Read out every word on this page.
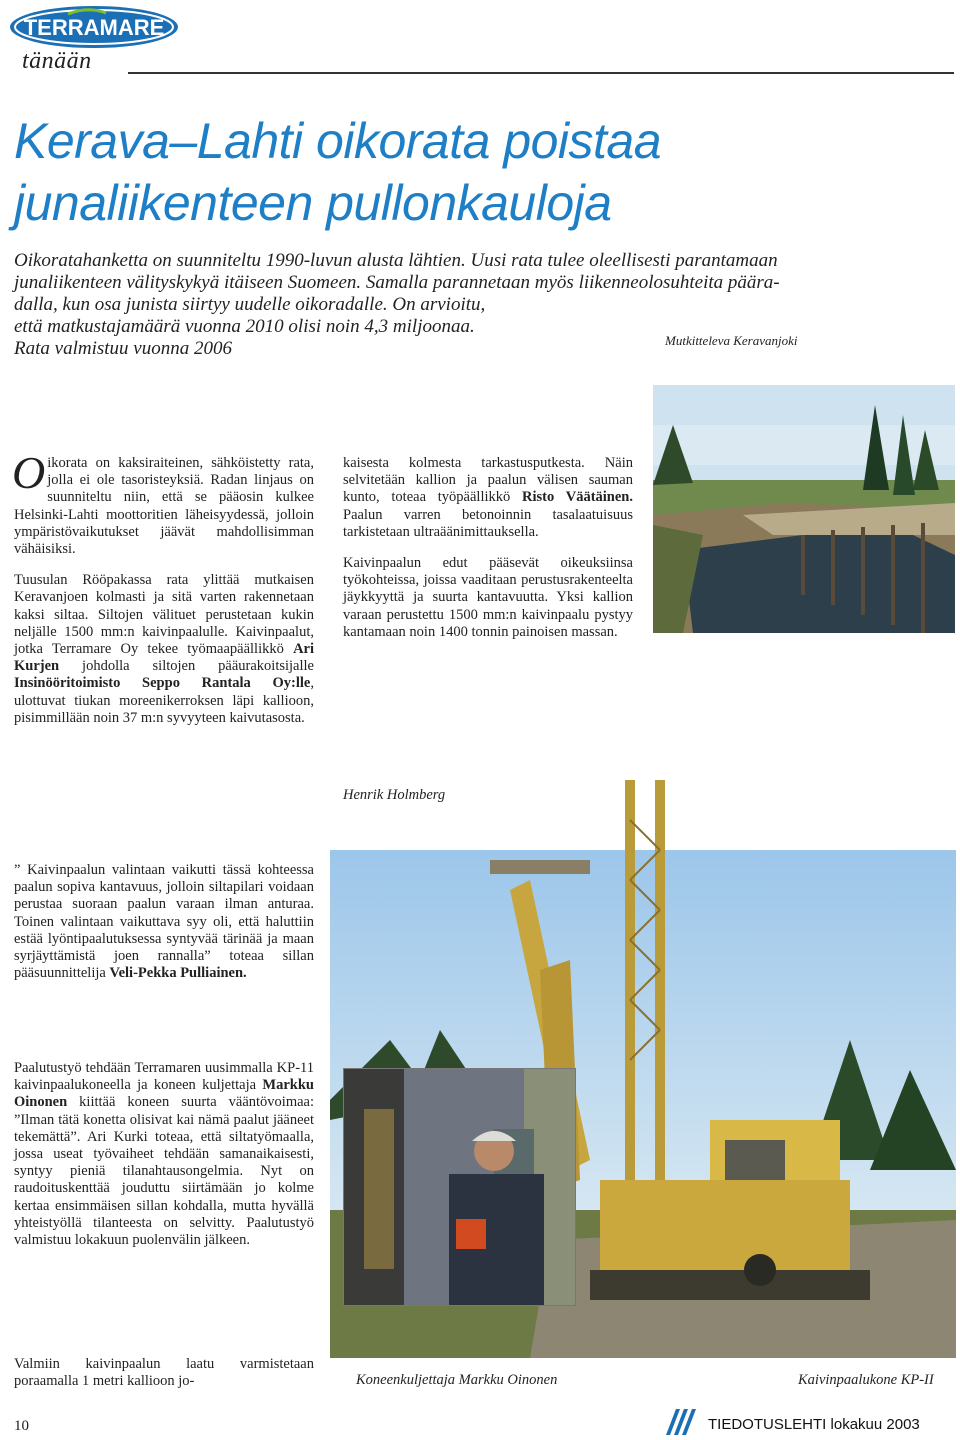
TERRAMARE
tänään
Kerava–Lahti oikorata poistaa
junaliikenteen pullonkauloja
Oikoratahanketta on suunniteltu 1990-luvun alusta lähtien. Uusi rata tulee oleellisesti parantamaan
junaliikenteen välityskykyä itäiseen Suomeen. Samalla parannetaan myös liikenneolosuhteita päära-
dalla, kun osa junista siirtyy uudelle oikoradalle. On arvioitu,
että matkustajamäärä vuonna 2010 olisi noin 4,3 miljoonaa.
Rata valmistuu vuonna 2006	Mutkitteleva Keravanjoki

Oikorata on kaksiraiteinen, sähköistetty rata, jolla ei ole tasoristeyksiä. Radan linjaus on suunniteltu niin, että se pääosin kulkee Helsinki-Lahti moottoritien läheisyydessä, jolloin ympäristövaikutukset jäävät mahdollisimman vähäisiksi.

Tuusulan Rööpakassa rata ylittää mutkaisen Keravanjoen kolmasti ja sitä varten rakennetaan kaksi siltaa. Siltojen välituet perustetaan kukin neljälle 1500 mm:n kaivinpaalulle. Kaivinpaalut, jotka Terramare Oy tekee työmaapäällikkö Ari Kurjen johdolla siltojen pääurakoitsijalle Insinööritoimisto Seppo Rantala Oy:lle, ulottuvat tiukan moreenikerroksen läpi kallioon, pisimmillään noin 37 m:n syvyyteen kaivutasosta.

” Kaivinpaalun valintaan vaikutti tässä kohteessa paalun sopiva kantavuus, jolloin siltapilari voidaan perustaa suoraan paalun varaan ilman anturaa. Toinen valintaan vaikuttava syy oli, että haluttiin estää lyöntipaalutuksessa syntyvää tärinää ja maan syrjäyttämistä joen rannalla” toteaa sillan pääsuunnittelija Veli-Pekka Pulliainen.

Paalutustyö tehdään Terramaren uusimmalla KP-11 kaivinpaalukoneella ja koneen kuljettaja Markku Oinonen kiittää koneen suurta vääntövoimaa: ”Ilman tätä konetta olisivat kai nämä paalut jääneet tekemättä”. Ari Kurki toteaa, että siltatyömaalla, jossa useat työvaiheet tehdään samanaikaisesti, syntyy pieniä tilanahtausongelmia. Nyt on raudoituskenttää jouduttu siirtämään jo kolme kertaa ensimmäisen sillan kohdalla, mutta hyvällä yhteistyöllä tilanteesta on selvitty. Paalutustyö valmistuu lokakuun puolenvälin jälkeen.

Valmiin kaivinpaalun laatu varmistetaan poraamalla 1 metri kallioon jo-

kaisesta kolmesta tarkastusputkesta. Näin selvitetään kallion ja paalun välisen sauman kunto, toteaa työpäällikkö Risto Väätäinen. Paalun varren betonoinnin tasalaatuisuus tarkistetaan ultraäänimittauksella.

Kaivinpaalun edut pääsevät oikeuksiinsa työkohteissa, joissa vaaditaan perustusrakenteelta jäykkyyttä ja suurta kantavuutta. Yksi kallion varaan perustettu 1500 mm:n kaivinpaalu pystyy kantamaan noin 1400 tonnin painoisen massan.

Henrik Holmberg
Koneenkuljettaja Markku Oinonen	Kaivinpaalukone KP-II
10	TIEDOTUSLEHTI lokakuu 2003
